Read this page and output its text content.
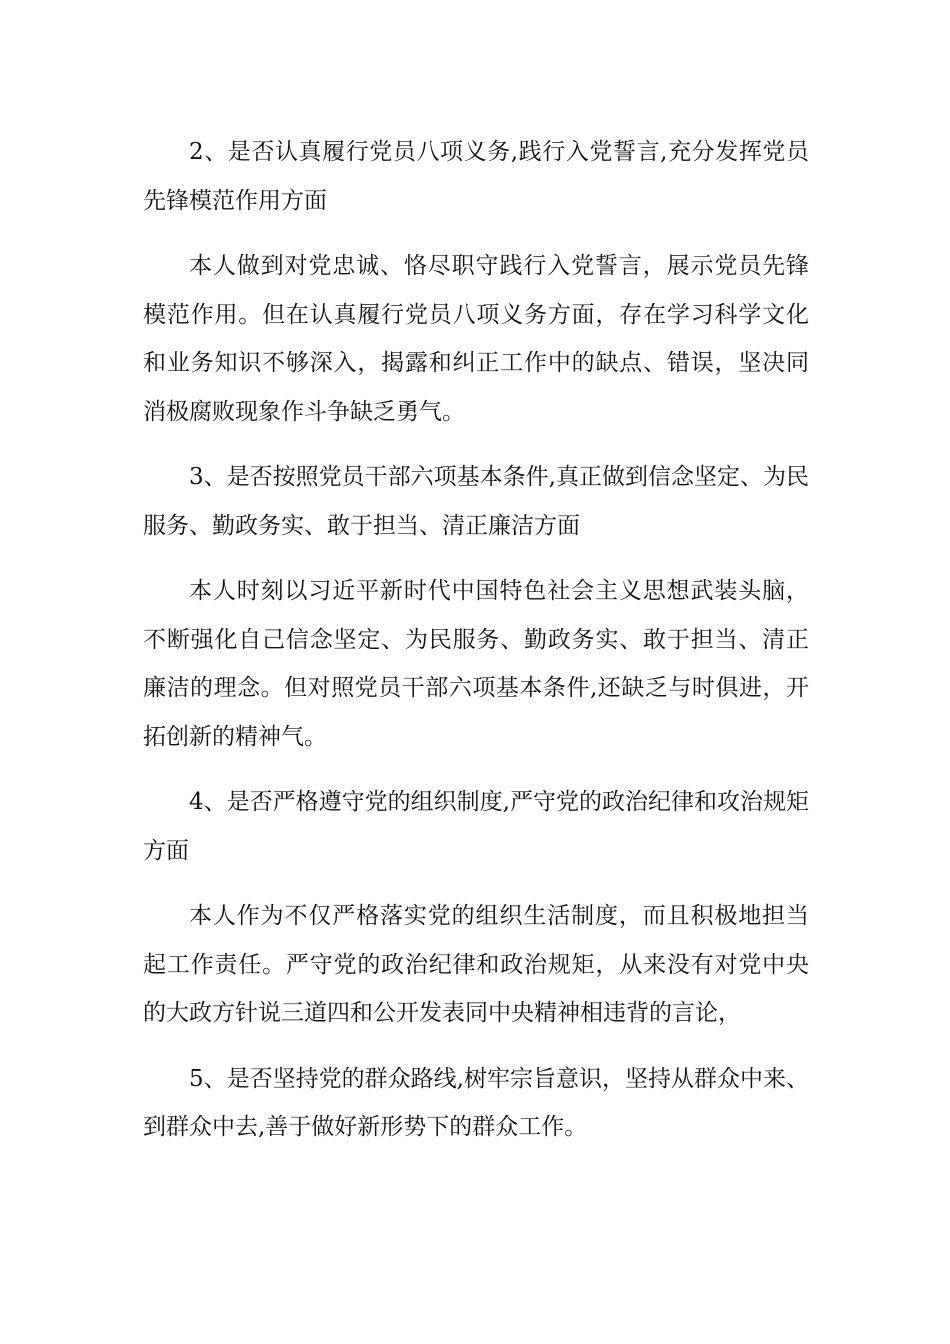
2、是否认真履行党员八项义务,践行入党誓言,充分发挥党员先锋模范作用方面

本人做到对党忠诚、恪尽职守践行入党誓言，展示党员先锋模范作用。但在认真履行党员八项义务方面，存在学习科学文化和业务知识不够深入，揭露和纠正工作中的缺点、错误，坚决同消极腐败现象作斗争缺乏勇气。

3、是否按照党员干部六项基本条件,真正做到信念坚定、为民服务、勤政务实、敢于担当、清正廉洁方面

本人时刻以习近平新时代中国特色社会主义思想武装头脑，不断强化自己信念坚定、为民服务、勤政务实、敢于担当、清正廉洁的理念。但对照党员干部六项基本条件,还缺乏与时俱进，开拓创新的精神气。

4、是否严格遵守党的组织制度,严守党的政治纪律和攻治规矩方面

本人作为不仅严格落实党的组织生活制度，而且积极地担当起工作责任。严守党的政治纪律和政治规矩，从来没有对党中央的大政方针说三道四和公开发表同中央精神相违背的言论，

5、是否坚持党的群众路线,树牢宗旨意识，坚持从群众中来、到群众中去,善于做好新形势下的群众工作。
